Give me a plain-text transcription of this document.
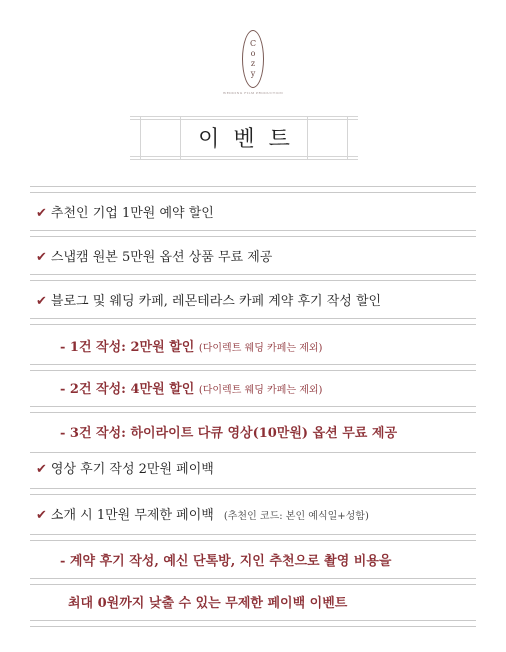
C
o
z
y
WEDDING FILM PRODUCTION
이벤트
✔ 추천인 기업 1만원 예약 할인
✔ 스냅캠 원본 5만원 옵션 상품 무료 제공
✔ 블로그 및 웨딩 카페, 레몬테라스 카페 계약 후기 작성 할인
- 1건 작성: 2만원 할인 (다이렉트 웨딩 카페는 제외)
- 2건 작성: 4만원 할인 (다이렉트 웨딩 카페는 제외)
- 3건 작성: 하이라이트 다큐 영상(10만원) 옵션 무료 제공
✔ 영상 후기 작성 2만원 페이백
✔ 소개 시 1만원 무제한 페이백 (추천인 코드: 본인 예식일+성함)
- 계약 후기 작성, 예신 단톡방, 지인 추천으로 촬영 비용을
최대 0원까지 낮출 수 있는 무제한 페이백 이벤트
